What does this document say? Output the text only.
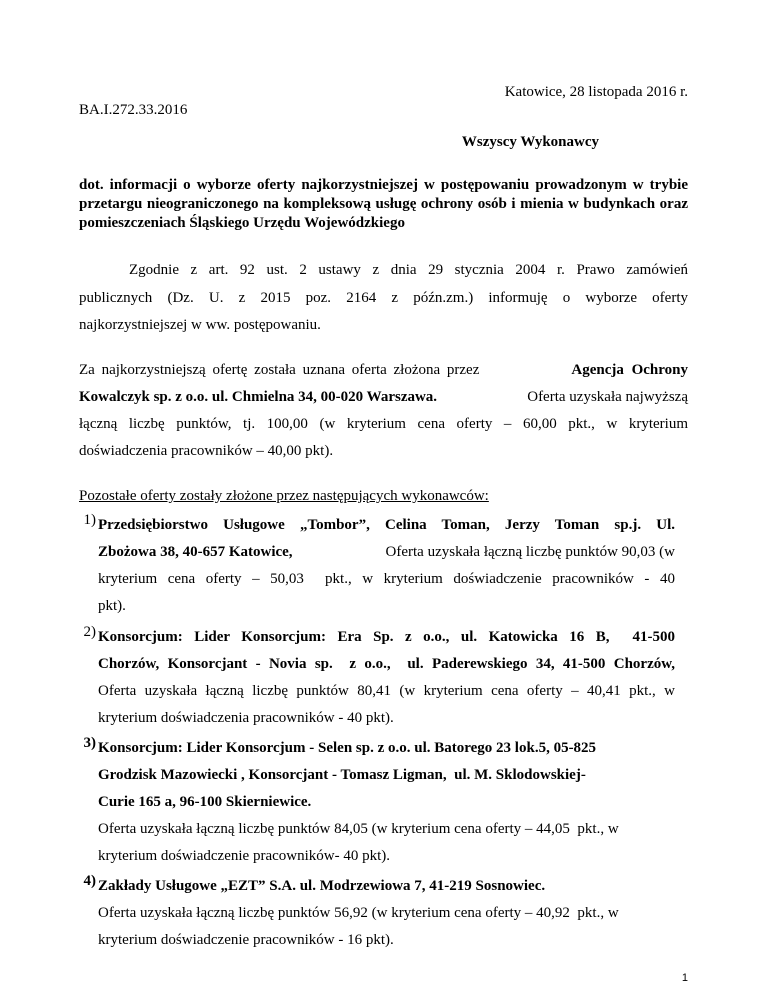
Katowice, 28 listopada 2016 r.
BA.I.272.33.2016
Wszyscy Wykonawcy
dot. informacji o wyborze oferty najkorzystniejszej w postępowaniu prowadzonym w trybie przetargu nieograniczonego na kompleksową usługę ochrony osób i mienia w budynkach oraz pomieszczeniach Śląskiego Urzędu Wojewódzkiego
Zgodnie z art. 92 ust. 2 ustawy z dnia 29 stycznia 2004 r. Prawo zamówień
publicznych (Dz. U. z 2015 poz. 2164 z późn.zm.) informuję o wyborze oferty
najkorzystniejszej w ww. postępowaniu.
Za najkorzystniejszą ofertę została uznana oferta złożona przez	Agencja Ochrony
Kowalczyk sp. z o.o. ul. Chmielna 34, 00-020 Warszawa.	Oferta uzyskała najwyższą
łączną liczbę punktów, tj. 100,00 (w kryterium cena oferty – 60,00 pkt., w kryterium
doświadczenia pracowników – 40,00 pkt).
Pozostałe oferty zostały złożone przez następujących wykonawców:
1) Przedsiębiorstwo Usługowe „Tombor”, Celina Toman, Jerzy Toman sp.j. Ul.
Zbożowa 38, 40-657 Katowice,	Oferta uzyskała łączną liczbę punktów 90,03 (w
kryterium cena oferty – 50,03  pkt., w kryterium doświadczenie pracowników - 40
pkt).
2) Konsorcjum: Lider Konsorcjum: Era Sp. z o.o., ul. Katowicka 16 B,  41-500
Chorzów, Konsorcjant - Novia sp.  z o.o.,  ul. Paderewskiego 34, 41-500 Chorzów,
Oferta uzyskała łączną liczbę punktów 80,41 (w kryterium cena oferty – 40,41 pkt., w
kryterium doświadczenia pracowników - 40 pkt).
3) Konsorcjum: Lider Konsorcjum - Selen sp. z o.o. ul. Batorego 23 lok.5, 05-825
Grodzisk Mazowiecki , Konsorcjant - Tomasz Ligman,  ul. M. Sklodowskiej-
Curie 165 a, 96-100 Skierniewice.
Oferta uzyskała łączną liczbę punktów 84,05 (w kryterium cena oferty – 44,05  pkt., w
kryterium doświadczenie pracowników- 40 pkt).
4) Zakłady Usługowe „EZT” S.A. ul. Modrzewiowa 7, 41-219 Sosnowiec.
Oferta uzyskała łączną liczbę punktów 56,92 (w kryterium cena oferty – 40,92  pkt., w
kryterium doświadczenie pracowników - 16 pkt).
1
